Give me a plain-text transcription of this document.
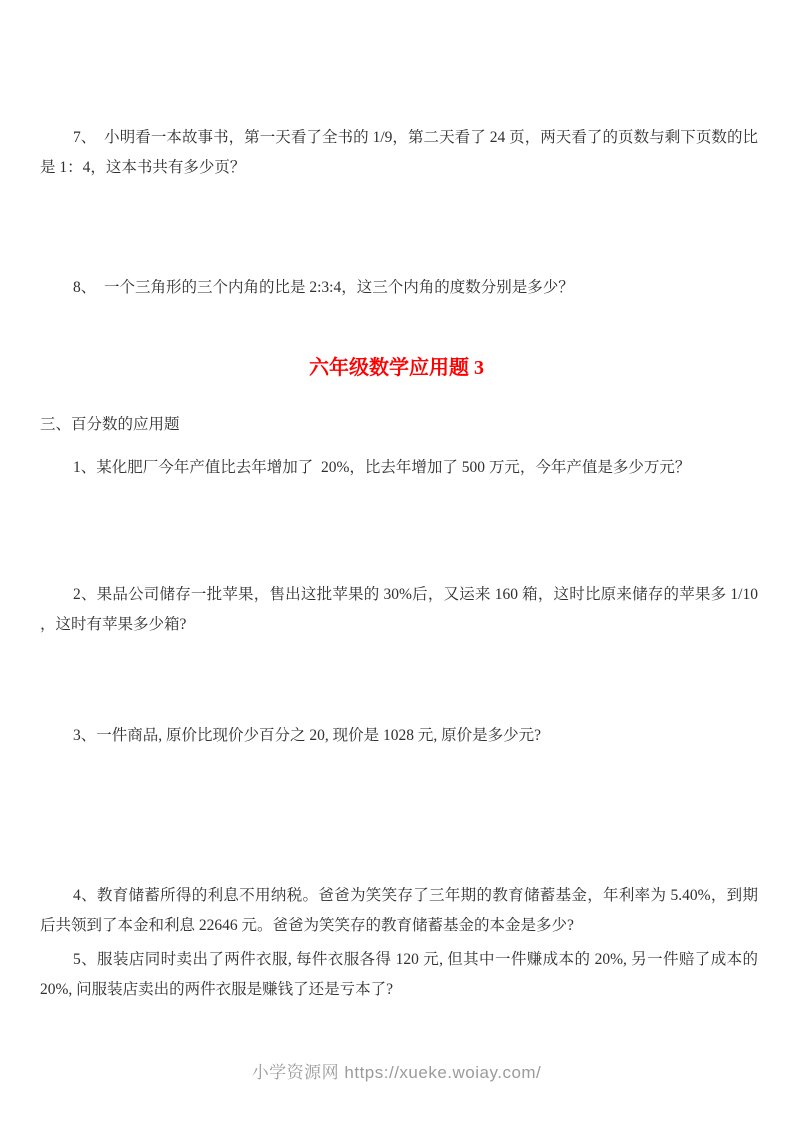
7、　小明看一本故事书，第一天看了全书的 1/9，第二天看了 24 页，两天看了的页数与剩下页数的比是 1：4，这本书共有多少页？

8、　一个三角形的三个内角的比是 2:3:4，这三个内角的度数分别是多少？

六年级数学应用题 3

三、百分数的应用题

1、某化肥厂今年产值比去年增加了  20%，比去年增加了 500 万元，今年产值是多少万元？

2、果品公司储存一批苹果，售出这批苹果的 30%后，又运来 160 箱，这时比原来储存的苹果多 1/10 ，这时有苹果多少箱?

3、一件商品, 原价比现价少百分之 20, 现价是 1028 元, 原价是多少元?

4、教育储蓄所得的利息不用纳税。爸爸为笑笑存了三年期的教育储蓄基金，年利率为 5.40%，到期后共领到了本金和利息 22646 元。爸爸为笑笑存的教育储蓄基金的本金是多少?

5、服装店同时卖出了两件衣服, 每件衣服各得 120 元, 但其中一件赚成本的 20%, 另一件赔了成本的 20%, 问服装店卖出的两件衣服是赚钱了还是亏本了?

小学资源网 https://xueke.woiay.com/
